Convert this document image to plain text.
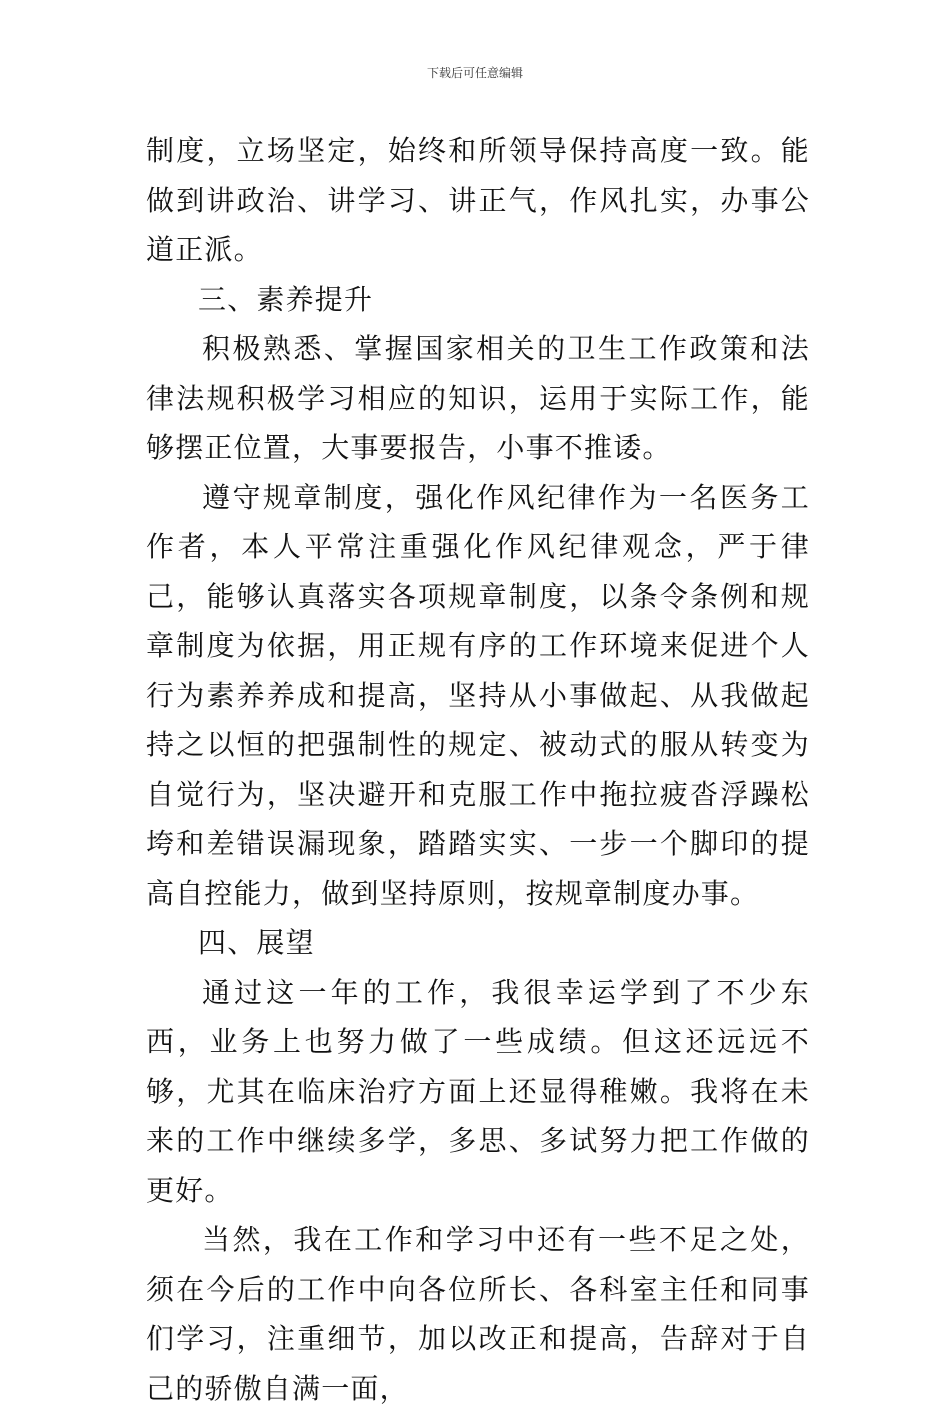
下载后可任意编辑

制度，立场坚定，始终和所领导保持高度一致。能做到讲政治、讲学习、讲正气，作风扎实，办事公道正派。

三、素养提升

积极熟悉、掌握国家相关的卫生工作政策和法律法规积极学习相应的知识，运用于实际工作，能够摆正位置，大事要报告，小事不推诿。

遵守规章制度，强化作风纪律作为一名医务工作者，本人平常注重强化作风纪律观念，严于律己，能够认真落实各项规章制度，以条令条例和规章制度为依据，用正规有序的工作环境来促进个人行为素养养成和提高，坚持从小事做起、从我做起持之以恒的把强制性的规定、被动式的服从转变为自觉行为，坚决避开和克服工作中拖拉疲沓浮躁松垮和差错误漏现象，踏踏实实、一步一个脚印的提高自控能力，做到坚持原则，按规章制度办事。

四、展望

通过这一年的工作，我很幸运学到了不少东西，业务上也努力做了一些成绩。但这还远远不够，尤其在临床治疗方面上还显得稚嫩。我将在未来的工作中继续多学，多思、多试努力把工作做的更好。

当然，我在工作和学习中还有一些不足之处，须在今后的工作中向各位所长、各科室主任和同事们学习，注重细节，加以改正和提高，告辞对于自己的骄傲自满一面，
